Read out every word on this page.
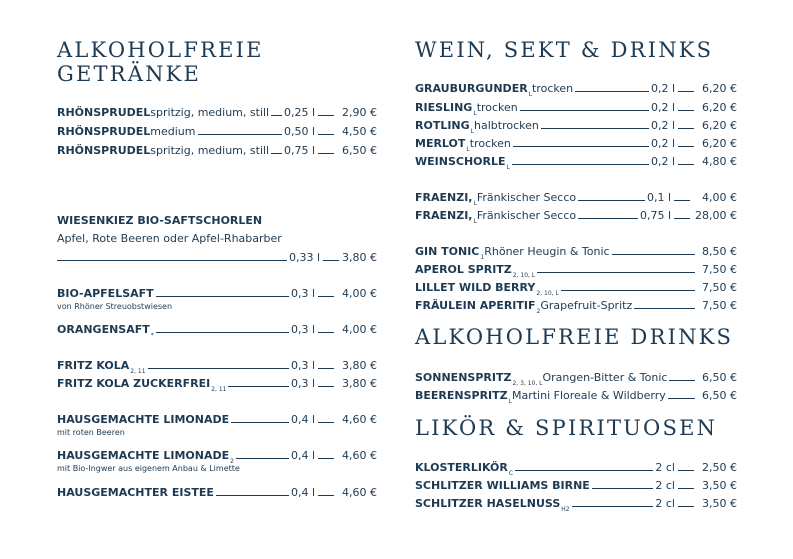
ALKOHOLFREIE
GETRÄNKE
WEIN, SEKT & DRINKS
ALKOHOLFREIE DRINKS
LIKÖR & SPIRITUOSEN
WIESENKIEZ BIO-SAFTSCHORLEN
Apfel, Rote Beeren oder Apfel-Rhabarber
0,33 l 3,80 €
RHÖNSPRUDEL spritzig, medium, still 0,25 l	2,90 €
RHÖNSPRUDEL medium	0,50 l	4,50 €
RHÖNSPRUDEL spritzig, medium, still 0,75 l	6,50 €
BIO-APFELSAFT	0,3 l	4,00 €
von Rhöner Streuobstwiesen
ORANGENSAFT *	0,3 l	4,00 €
FRITZ KOLA 2, 11	0,3 l	3,80 €
FRITZ KOLA ZUCKERFREI 2, 11	0,3 l	3,80 €
HAUSGEMACHTE LIMONADE	0,4 l	4,60 €
mit roten Beeren
HAUSGEMACHTE LIMONADE 2	0,4 l	4,60 €
mit Bio-Ingwer aus eigenem Anbau & Limette
HAUSGEMACHTER EISTEE	0,4 l	4,60 €
GRAUBURGUNDER L trocken	0,2 l	6,20 €
RIESLING L trocken	0,2 l	6,20 €
ROTLING L halbtrocken	0,2 l	6,20 €
MERLOT L trocken	0,2 l	6,20 €
WEINSCHORLE L	0,2 l	4,80 €
FRAENZI, L Fränkischer Secco	0,1 l	4,00 €
FRAENZI, L Fränkischer Secco	0,75 l 28,00 €
GIN TONIC 1 Rhöner Heugin & Tonic	8,50 €
APEROL SPRITZ 2, 10, L	7,50 €
LILLET WILD BERRY 2, 10, L	7,50 €
FRÄULEIN APERITIF 2 Grapefruit-Spritz	7,50 €
SONNENSPRITZ 2, 3, 10, L Orangen-Bitter & Tonic	6,50 €
BEERENSPRITZ L Martini Floreale & Wildberry	6,50 €
KLOSTERLIKÖR C	2 cl	2,50 €
SCHLITZER WILLIAMS BIRNE	2 cl	3,50 €
SCHLITZER HASELNUSS H2	2 cl	3,50 €
